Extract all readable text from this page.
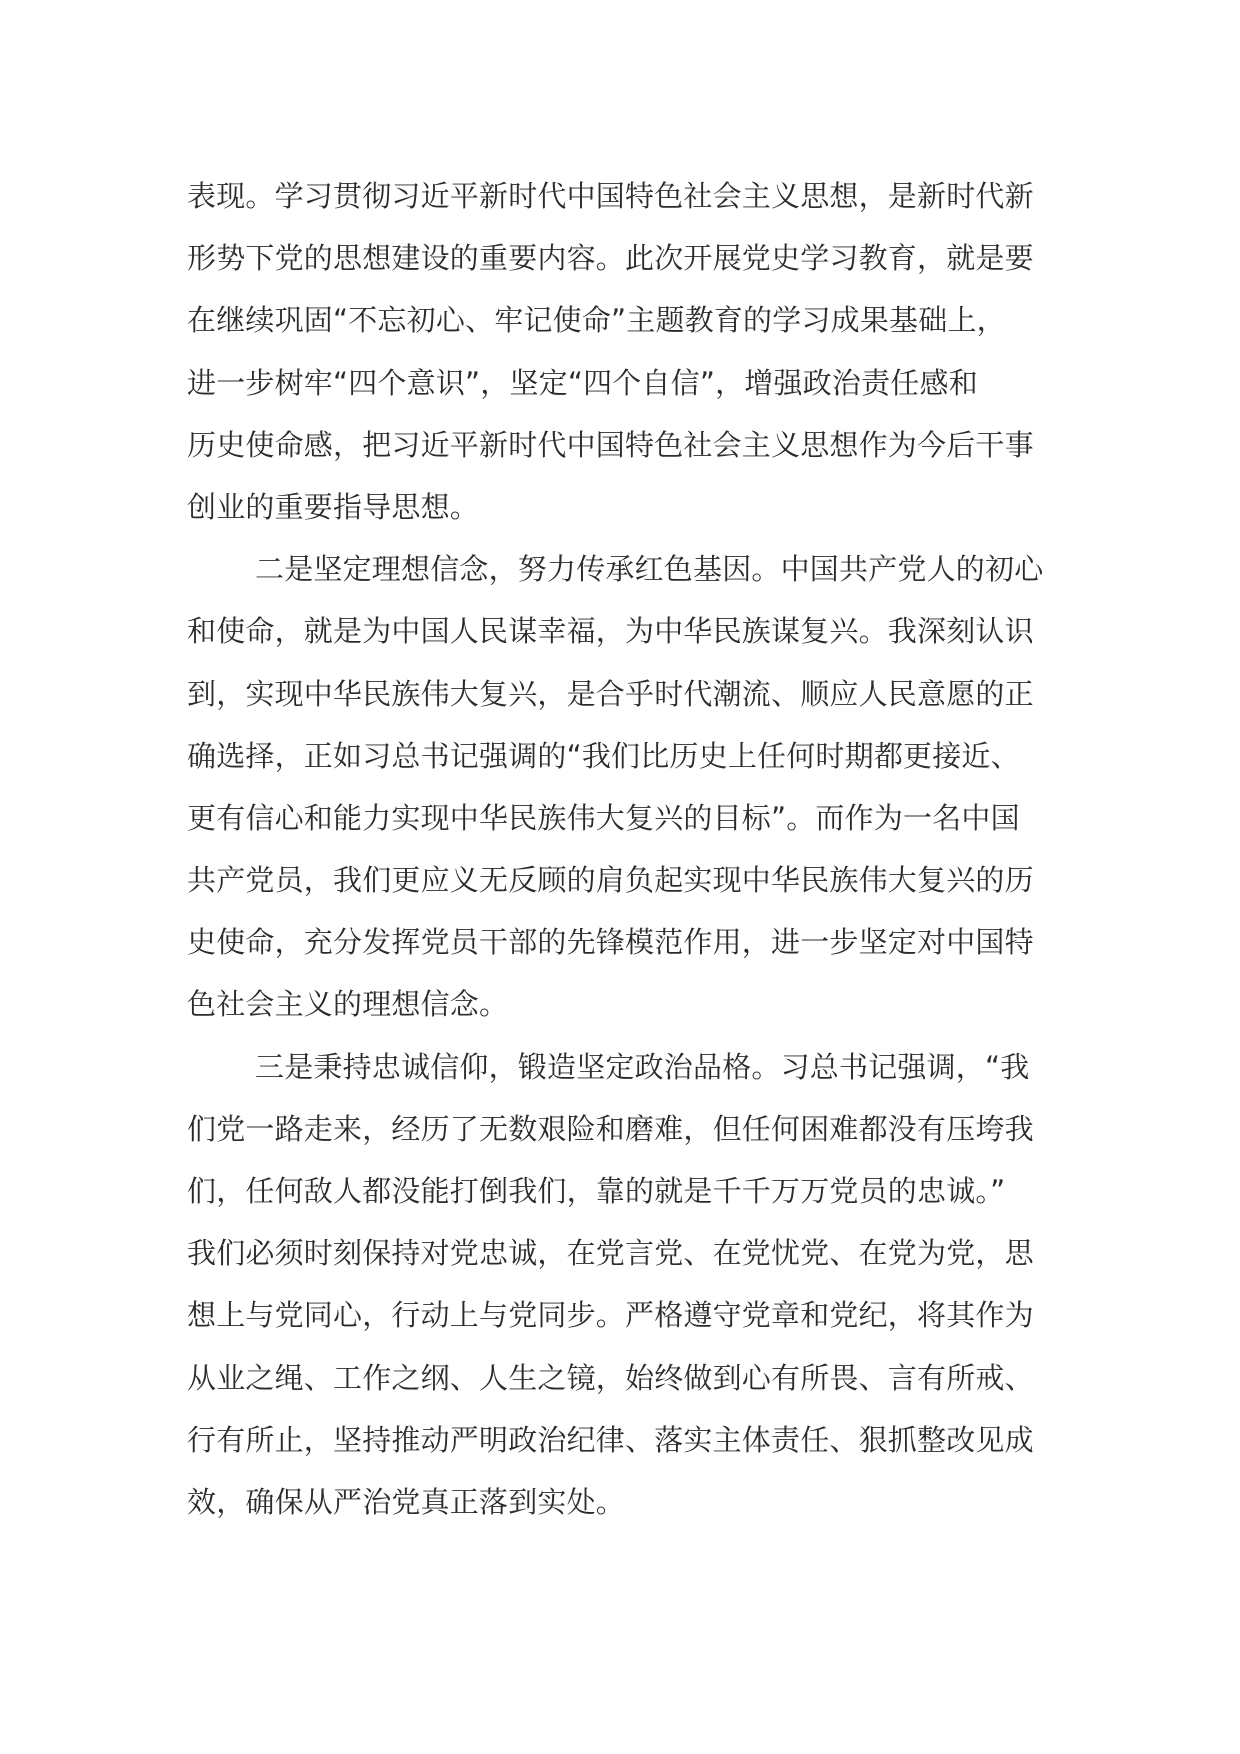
表现。学习贯彻习近平新时代中国特色社会主义思想，是新时代新
形势下党的思想建设的重要内容。此次开展党史学习教育，就是要
在继续巩固“不忘初心、牢记使命”主题教育的学习成果基础上，
进一步树牢“四个意识”，坚定“四个自信”，增强政治责任感和
历史使命感，把习近平新时代中国特色社会主义思想作为今后干事
创业的重要指导思想。
二是坚定理想信念，努力传承红色基因。中国共产党人的初心
和使命，就是为中国人民谋幸福，为中华民族谋复兴。我深刻认识
到，实现中华民族伟大复兴，是合乎时代潮流、顺应人民意愿的正
确选择，正如习总书记强调的“我们比历史上任何时期都更接近、
更有信心和能力实现中华民族伟大复兴的目标”。而作为一名中国
共产党员，我们更应义无反顾的肩负起实现中华民族伟大复兴的历
史使命，充分发挥党员干部的先锋模范作用，进一步坚定对中国特
色社会主义的理想信念。
三是秉持忠诚信仰，锻造坚定政治品格。习总书记强调，“我
们党一路走来，经历了无数艰险和磨难，但任何困难都没有压垮我
们，任何敌人都没能打倒我们，靠的就是千千万万党员的忠诚。”
我们必须时刻保持对党忠诚，在党言党、在党忧党、在党为党，思
想上与党同心，行动上与党同步。严格遵守党章和党纪，将其作为
从业之绳、工作之纲、人生之镜，始终做到心有所畏、言有所戒、
行有所止，坚持推动严明政治纪律、落实主体责任、狠抓整改见成
效，确保从严治党真正落到实处。
